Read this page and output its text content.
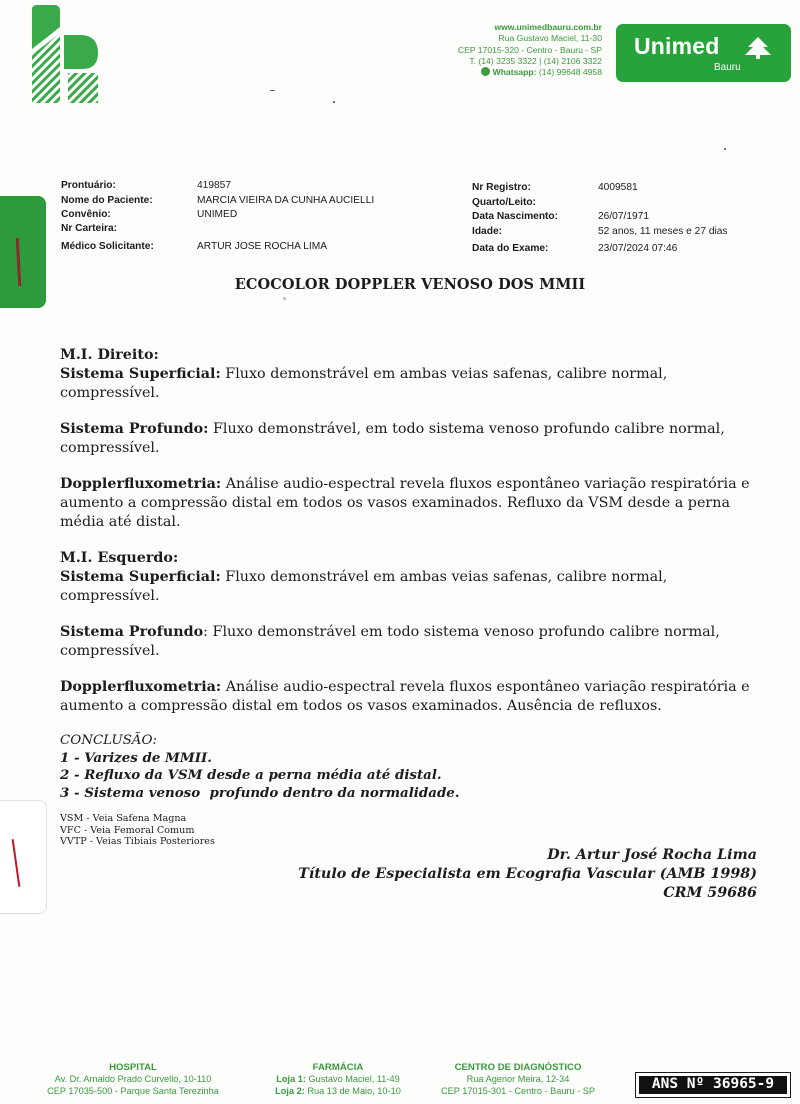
www.unimedbauru.com.br
Rua Gustavo Maciel, 11-30
CEP 17015-320 - Centro - Bauru - SP
T. (14) 3235 3322 | (14) 2106 3322
Whatsapp: (14) 99648 4958
Unimed
Bauru
Prontuário:	419857
Nome do Paciente:	MARCIA VIEIRA DA CUNHA AUCIELLI
Convênio:	UNIMED
Nr Carteira:
Médico Solicitante:	ARTUR JOSE ROCHA LIMA
Nr Registro:	4009581
Quarto/Leito:
Data Nascimento:	26/07/1971
Idade:	52 anos, 11 meses e 27 dias
Data do Exame:	23/07/2024 07:46
ECOCOLOR DOPPLER VENOSO DOS MMII

M.I. Direito:

Sistema Superficial: Fluxo demonstrável em ambas veias safenas, calibre normal, compressível.

Sistema Profundo: Fluxo demonstrável, em todo sistema venoso profundo calibre normal, compressível.

Dopplerfluxometria: Análise audio-espectral revela fluxos espontâneo variação respiratória e aumento a compressão distal em todos os vasos examinados. Refluxo da VSM desde a perna média até distal.

M.I. Esquerdo:

Sistema Superficial: Fluxo demonstrável em ambas veias safenas, calibre normal, compressível.

Sistema Profundo: Fluxo demonstrável em todo sistema venoso profundo calibre normal, compressível.

Dopplerfluxometria: Análise audio-espectral revela fluxos espontâneo variação respiratória e aumento a compressão distal em todos os vasos examinados. Ausência de refluxos.

CONCLUSÃO:
1 - Varizes de MMII.
2 - Refluxo da VSM desde a perna média até distal.
3 - Sistema venoso  profundo dentro da normalidade.
VSM - Veia Safena Magna
VFC - Veia Femoral Comum
VVTP - Veias Tibiais Posteriores
Dr. Artur José Rocha Lima
Título de Especialista em Ecografia Vascular (AMB 1998)
CRM 59686
HOSPITAL
Av. Dr. Arnaldo Prado Curvello, 10-110
CEP 17035-500 - Parque Santa Terezinha
FARMÁCIA
Loja 1: Gustavo Maciel, 11-49
Loja 2: Rua 13 de Maio, 10-10
CENTRO DE DIAGNÓSTICO
Rua Agenor Meira, 12-34
CEP 17015-301 - Centro - Bauru - SP	ANS Nº 36965-9
